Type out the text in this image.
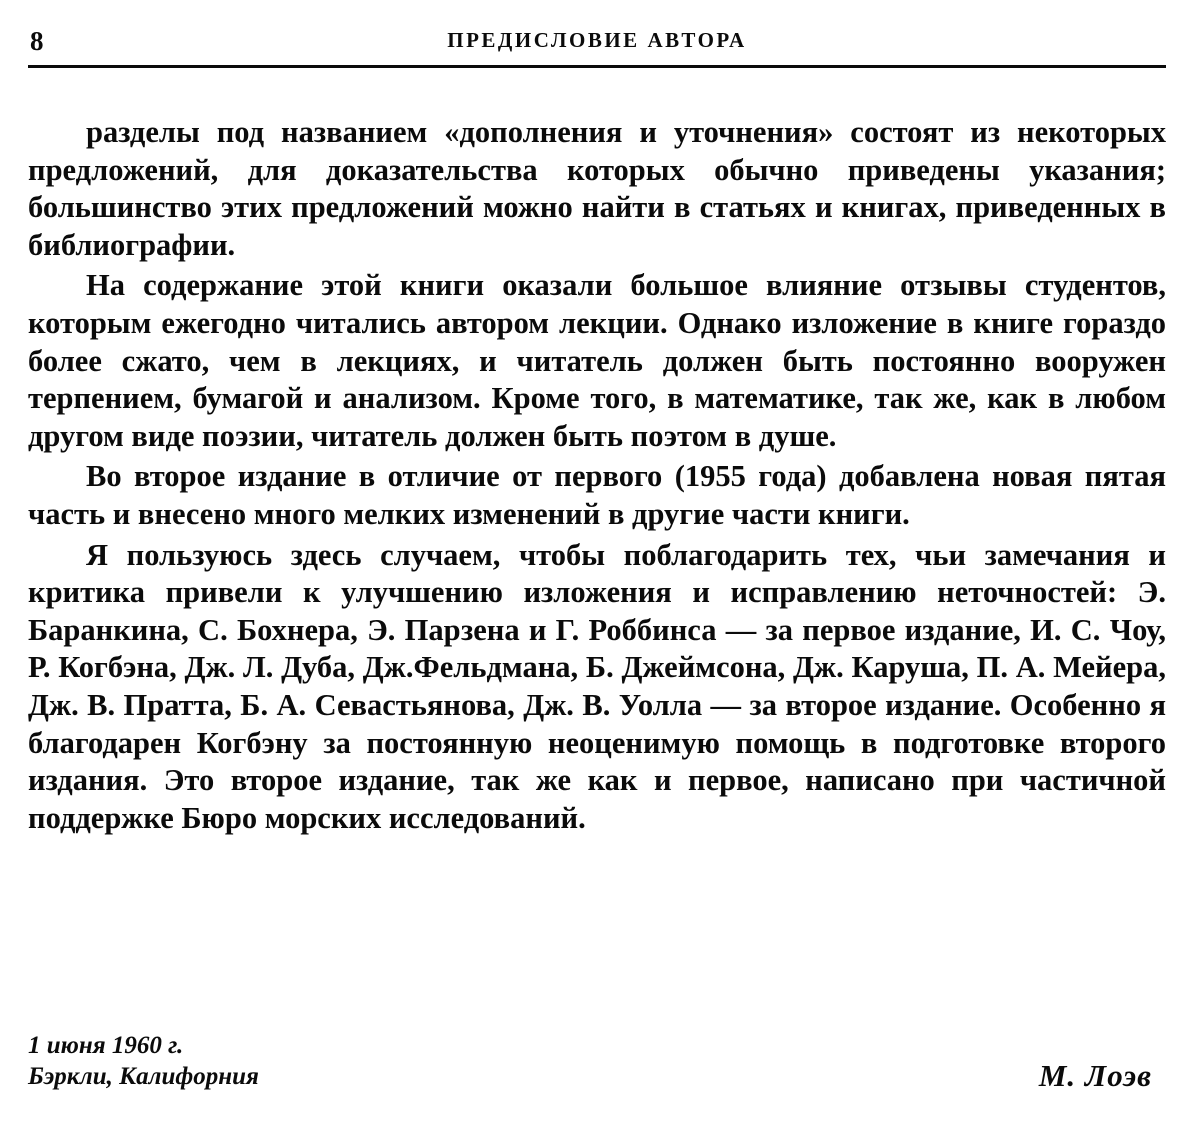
8	ПРЕДИСЛОВИЕ АВТОРА

разделы под названием «дополнения и уточнения» состоят из некоторых предложений, для доказательства которых обычно приведены указания; большинство этих предложений можно найти в статьях и книгах, приведенных в библиографии.

На содержание этой книги оказали большое влияние отзывы студентов, которым ежегодно читались автором лекции. Однако изложение в книге гораздо более сжато, чем в лекциях, и читатель должен быть постоянно вооружен терпением, бумагой и анализом. Кроме того, в математике, так же, как в любом другом виде поэзии, читатель должен быть поэтом в душе.

Во второе издание в отличие от первого (1955 года) добавлена новая пятая часть и внесено много мелких изменений в другие части книги.

Я пользуюсь здесь случаем, чтобы поблагодарить тех, чьи замечания и критика привели к улучшению изложения и исправлению неточностей: Э. Баранкина, С. Бохнера, Э. Парзена и Г. Роббинса — за первое издание, И. С. Чоу, Р. Когбэна, Дж. Л. Дуба, Дж.Фельдмана, Б. Джеймсона, Дж. Каруша, П. А. Мейера, Дж. В. Пратта, Б. А. Севастьянова, Дж. В. Уолла — за второе издание. Особенно я благодарен Когбэну за постоянную неоценимую помощь в подготовке второго издания. Это второе издание, так же как и первое, написано при частичной поддержке Бюро морских исследований.

1 июня 1960 г.
Бэркли, Калифорния	М. Лоэв
